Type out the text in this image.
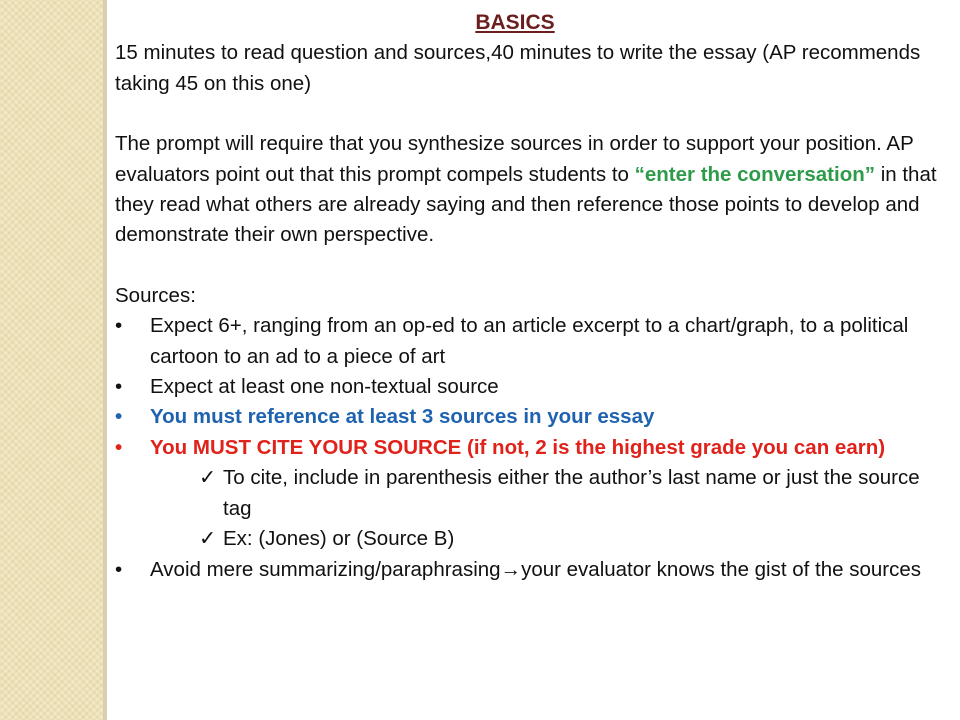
BASICS

15 minutes to read question and sources,40 minutes to write the essay (AP recommends taking 45 on this one)

The prompt will require that you synthesize sources in order to support your position. AP evaluators point out that this prompt compels students to “enter the conversation” in that they read what others are already saying and then reference those points to develop and demonstrate their own perspective.

Sources:

• Expect 6+, ranging from an op-ed to an article excerpt to a chart/graph, to a political cartoon to an ad to a piece of art
• Expect at least one non-textual source
• You must reference at least 3 sources in your essay
• You MUST CITE YOUR SOURCE (if not, 2 is the highest grade you can earn)
✓ To cite, include in parenthesis either the author’s last name or just the source tag
✓ Ex: (Jones) or (Source B)
• Avoid mere summarizing/paraphrasing→your evaluator knows the gist of the sources
